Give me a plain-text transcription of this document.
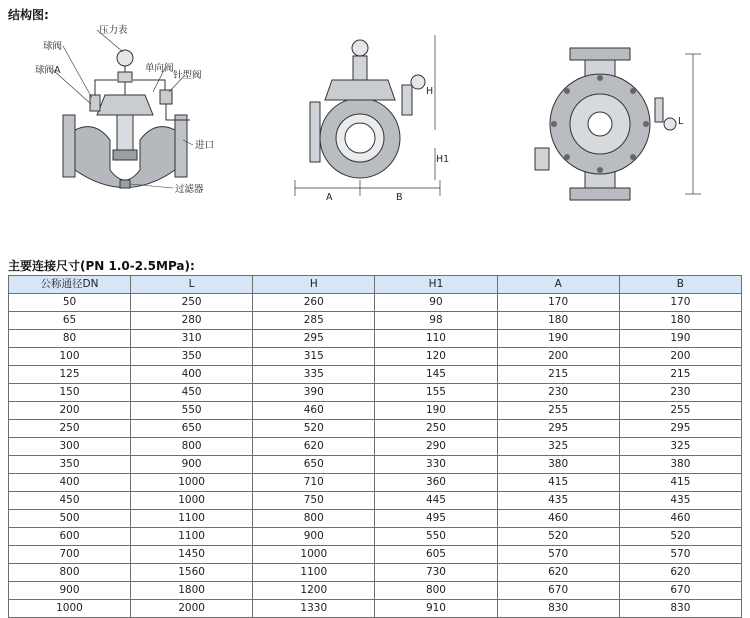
结构图:
压力表
球阀
球阀A	单向阀
针型阀
进口
过滤器
A	B
H
H1
L
主要连接尺寸(PN 1.0-2.5MPa):
公称通径DN	L	H	H1	A	B
50	250	260	90	170	170
65	280	285	98	180	180
80	310	295	110	190	190
100	350	315	120	200	200
125	400	335	145	215	215
150	450	390	155	230	230
200	550	460	190	255	255
250	650	520	250	295	295
300	800	620	290	325	325
350	900	650	330	380	380
400	1000	710	360	415	415
450	1000	750	445	435	435
500	1100	800	495	460	460
600	1100	900	550	520	520
700	1450	1000	605	570	570
800	1560	1100	730	620	620
900	1800	1200	800	670	670
1000	2000	1330	910	830	830
